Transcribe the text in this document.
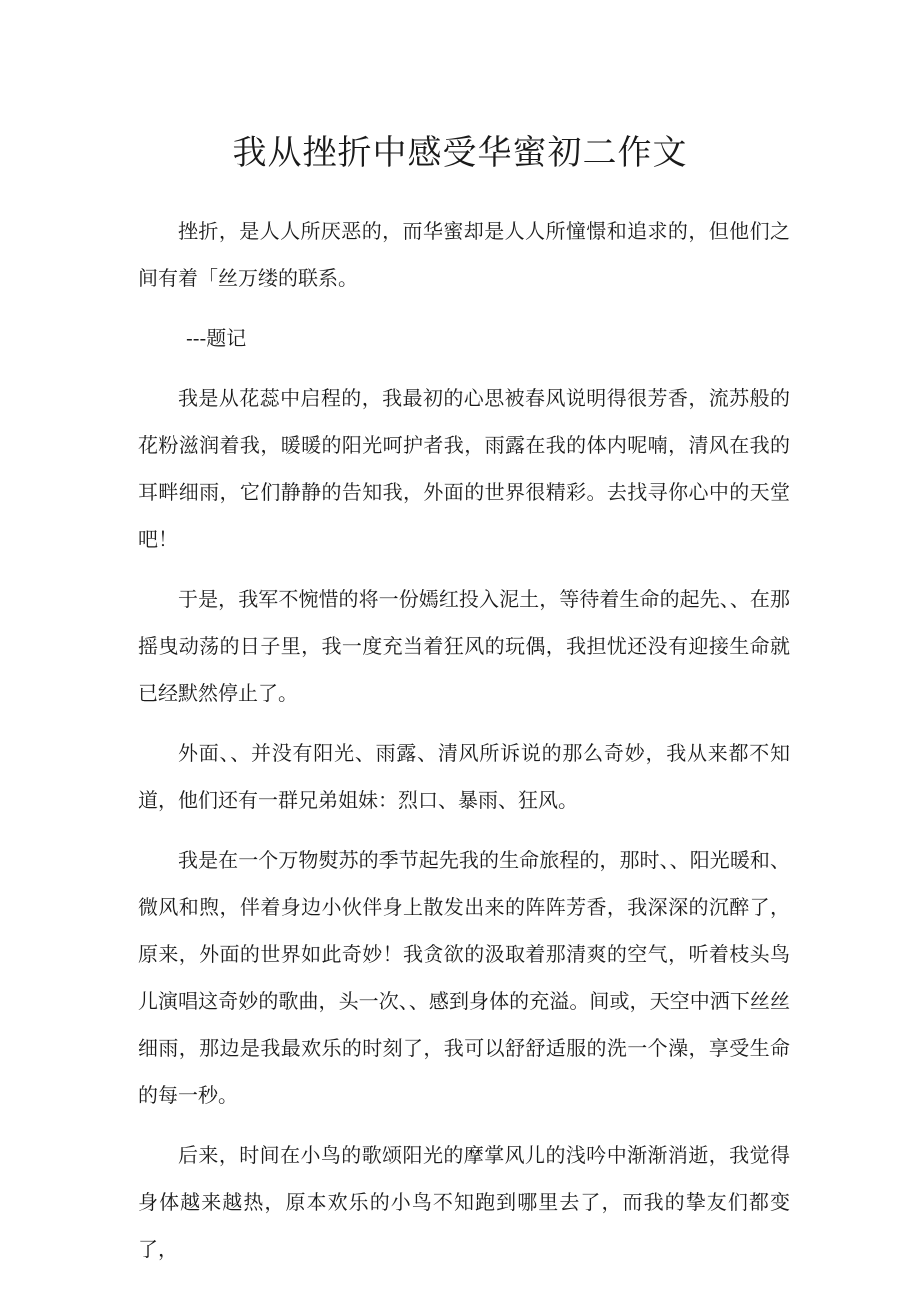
我从挫折中感受华蜜初二作文

挫折，是人人所厌恶的，而华蜜却是人人所憧憬和追求的，但他们之间有着「丝万缕的联系。

---题记

我是从花蕊中启程的，我最初的心思被春风说明得很芳香，流苏般的花粉滋润着我，暖暖的阳光呵护者我，雨露在我的体内呢喃，清风在我的耳畔细雨，它们静静的告知我，外面的世界很精彩。去找寻你心中的天堂吧！

于是，我军不惋惜的将一份嫣红投入泥土，等待着生命的起先、、在那摇曳动荡的日子里，我一度充当着狂风的玩偶，我担忧还没有迎接生命就已经默然停止了。

外面、、并没有阳光、雨露、清风所诉说的那么奇妙，我从来都不知道，他们还有一群兄弟姐妹：烈口、暴雨、狂风。

我是在一个万物熨苏的季节起先我的生命旅程的，那时、、阳光暖和、微风和煦，伴着身边小伙伴身上散发出来的阵阵芳香，我深深的沉醉了，原来，外面的世界如此奇妙！我贪欲的汲取着那清爽的空气，听着枝头鸟儿演唱这奇妙的歌曲，头一次、、感到身体的充溢。间或，天空中洒下丝丝细雨，那边是我最欢乐的时刻了，我可以舒舒适服的洗一个澡，享受生命的每一秒。

后来，时间在小鸟的歌颂阳光的摩掌风儿的浅吟中渐渐消逝，我觉得身体越来越热，原本欢乐的小鸟不知跑到哪里去了，而我的挚友们都变了，
